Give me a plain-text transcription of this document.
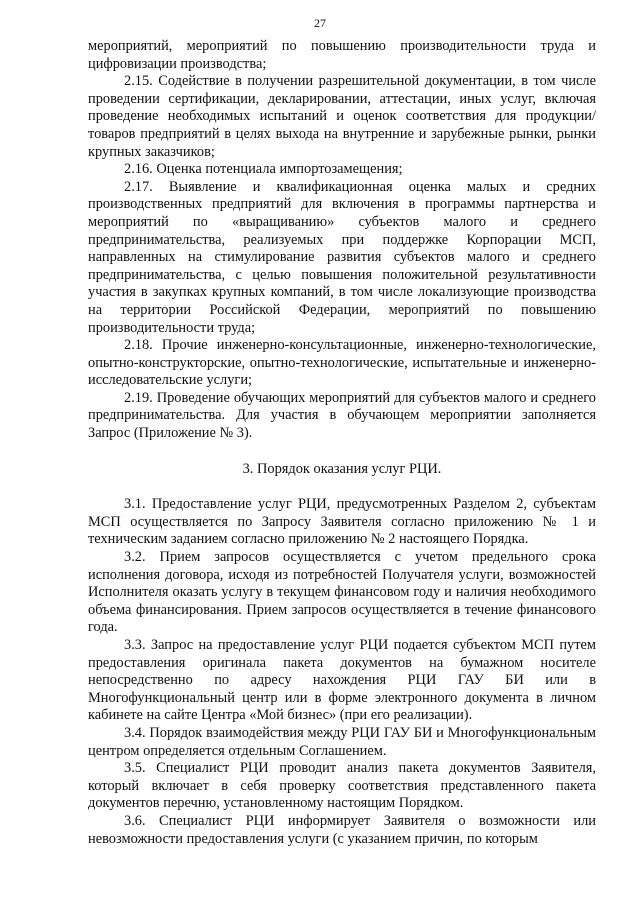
27

мероприятий, мероприятий по повышению производительности труда и цифровизации производства;

2.15. Содействие в получении разрешительной документации, в том числе проведении сертификации, декларировании, аттестации, иных услуг, включая проведение необходимых испытаний и оценок соответствия для продукции/товаров предприятий в целях выхода на внутренние и зарубежные рынки, рынки крупных заказчиков;

2.16. Оценка потенциала импортозамещения;

2.17. Выявление и квалификационная оценка малых и средних производственных предприятий для включения в программы партнерства и мероприятий по «выращиванию» субъектов малого и среднего предпринимательства, реализуемых при поддержке Корпорации МСП, направленных на стимулирование развития субъектов малого и среднего предпринимательства, с целью повышения положительной результативности участия в закупках крупных компаний, в том числе локализующие производства на территории Российской Федерации, мероприятий по повышению производительности труда;

2.18. Прочие инженерно-консультационные, инженерно-технологические, опытно-конструкторские, опытно-технологические, испытательные и инженерно-исследовательские услуги;

2.19. Проведение обучающих мероприятий для субъектов малого и среднего предпринимательства. Для участия в обучающем мероприятии заполняется Запрос (Приложение № 3).

3. Порядок оказания услуг РЦИ.

3.1. Предоставление услуг РЦИ, предусмотренных Разделом 2, субъектам МСП осуществляется по Запросу Заявителя согласно приложению № 1 и техническим заданием согласно приложению № 2 настоящего Порядка.

3.2. Прием запросов осуществляется с учетом предельного срока исполнения договора, исходя из потребностей Получателя услуги, возможностей Исполнителя оказать услугу в текущем финансовом году и наличия необходимого объема финансирования. Прием запросов осуществляется в течение финансового года.

3.3. Запрос на предоставление услуг РЦИ подается субъектом МСП путем предоставления оригинала пакета документов на бумажном носителе непосредственно по адресу нахождения РЦИ ГАУ БИ или в Многофункциональный центр или в форме электронного документа в личном кабинете на сайте Центра «Мой бизнес» (при его реализации).

3.4. Порядок взаимодействия между РЦИ ГАУ БИ и Многофункциональным центром определяется отдельным Соглашением.

3.5. Специалист РЦИ проводит анализ пакета документов Заявителя, который включает в себя проверку соответствия представленного пакета документов перечню, установленному настоящим Порядком.

3.6. Специалист РЦИ информирует Заявителя о возможности или невозможности предоставления услуги (с указанием причин, по которым
